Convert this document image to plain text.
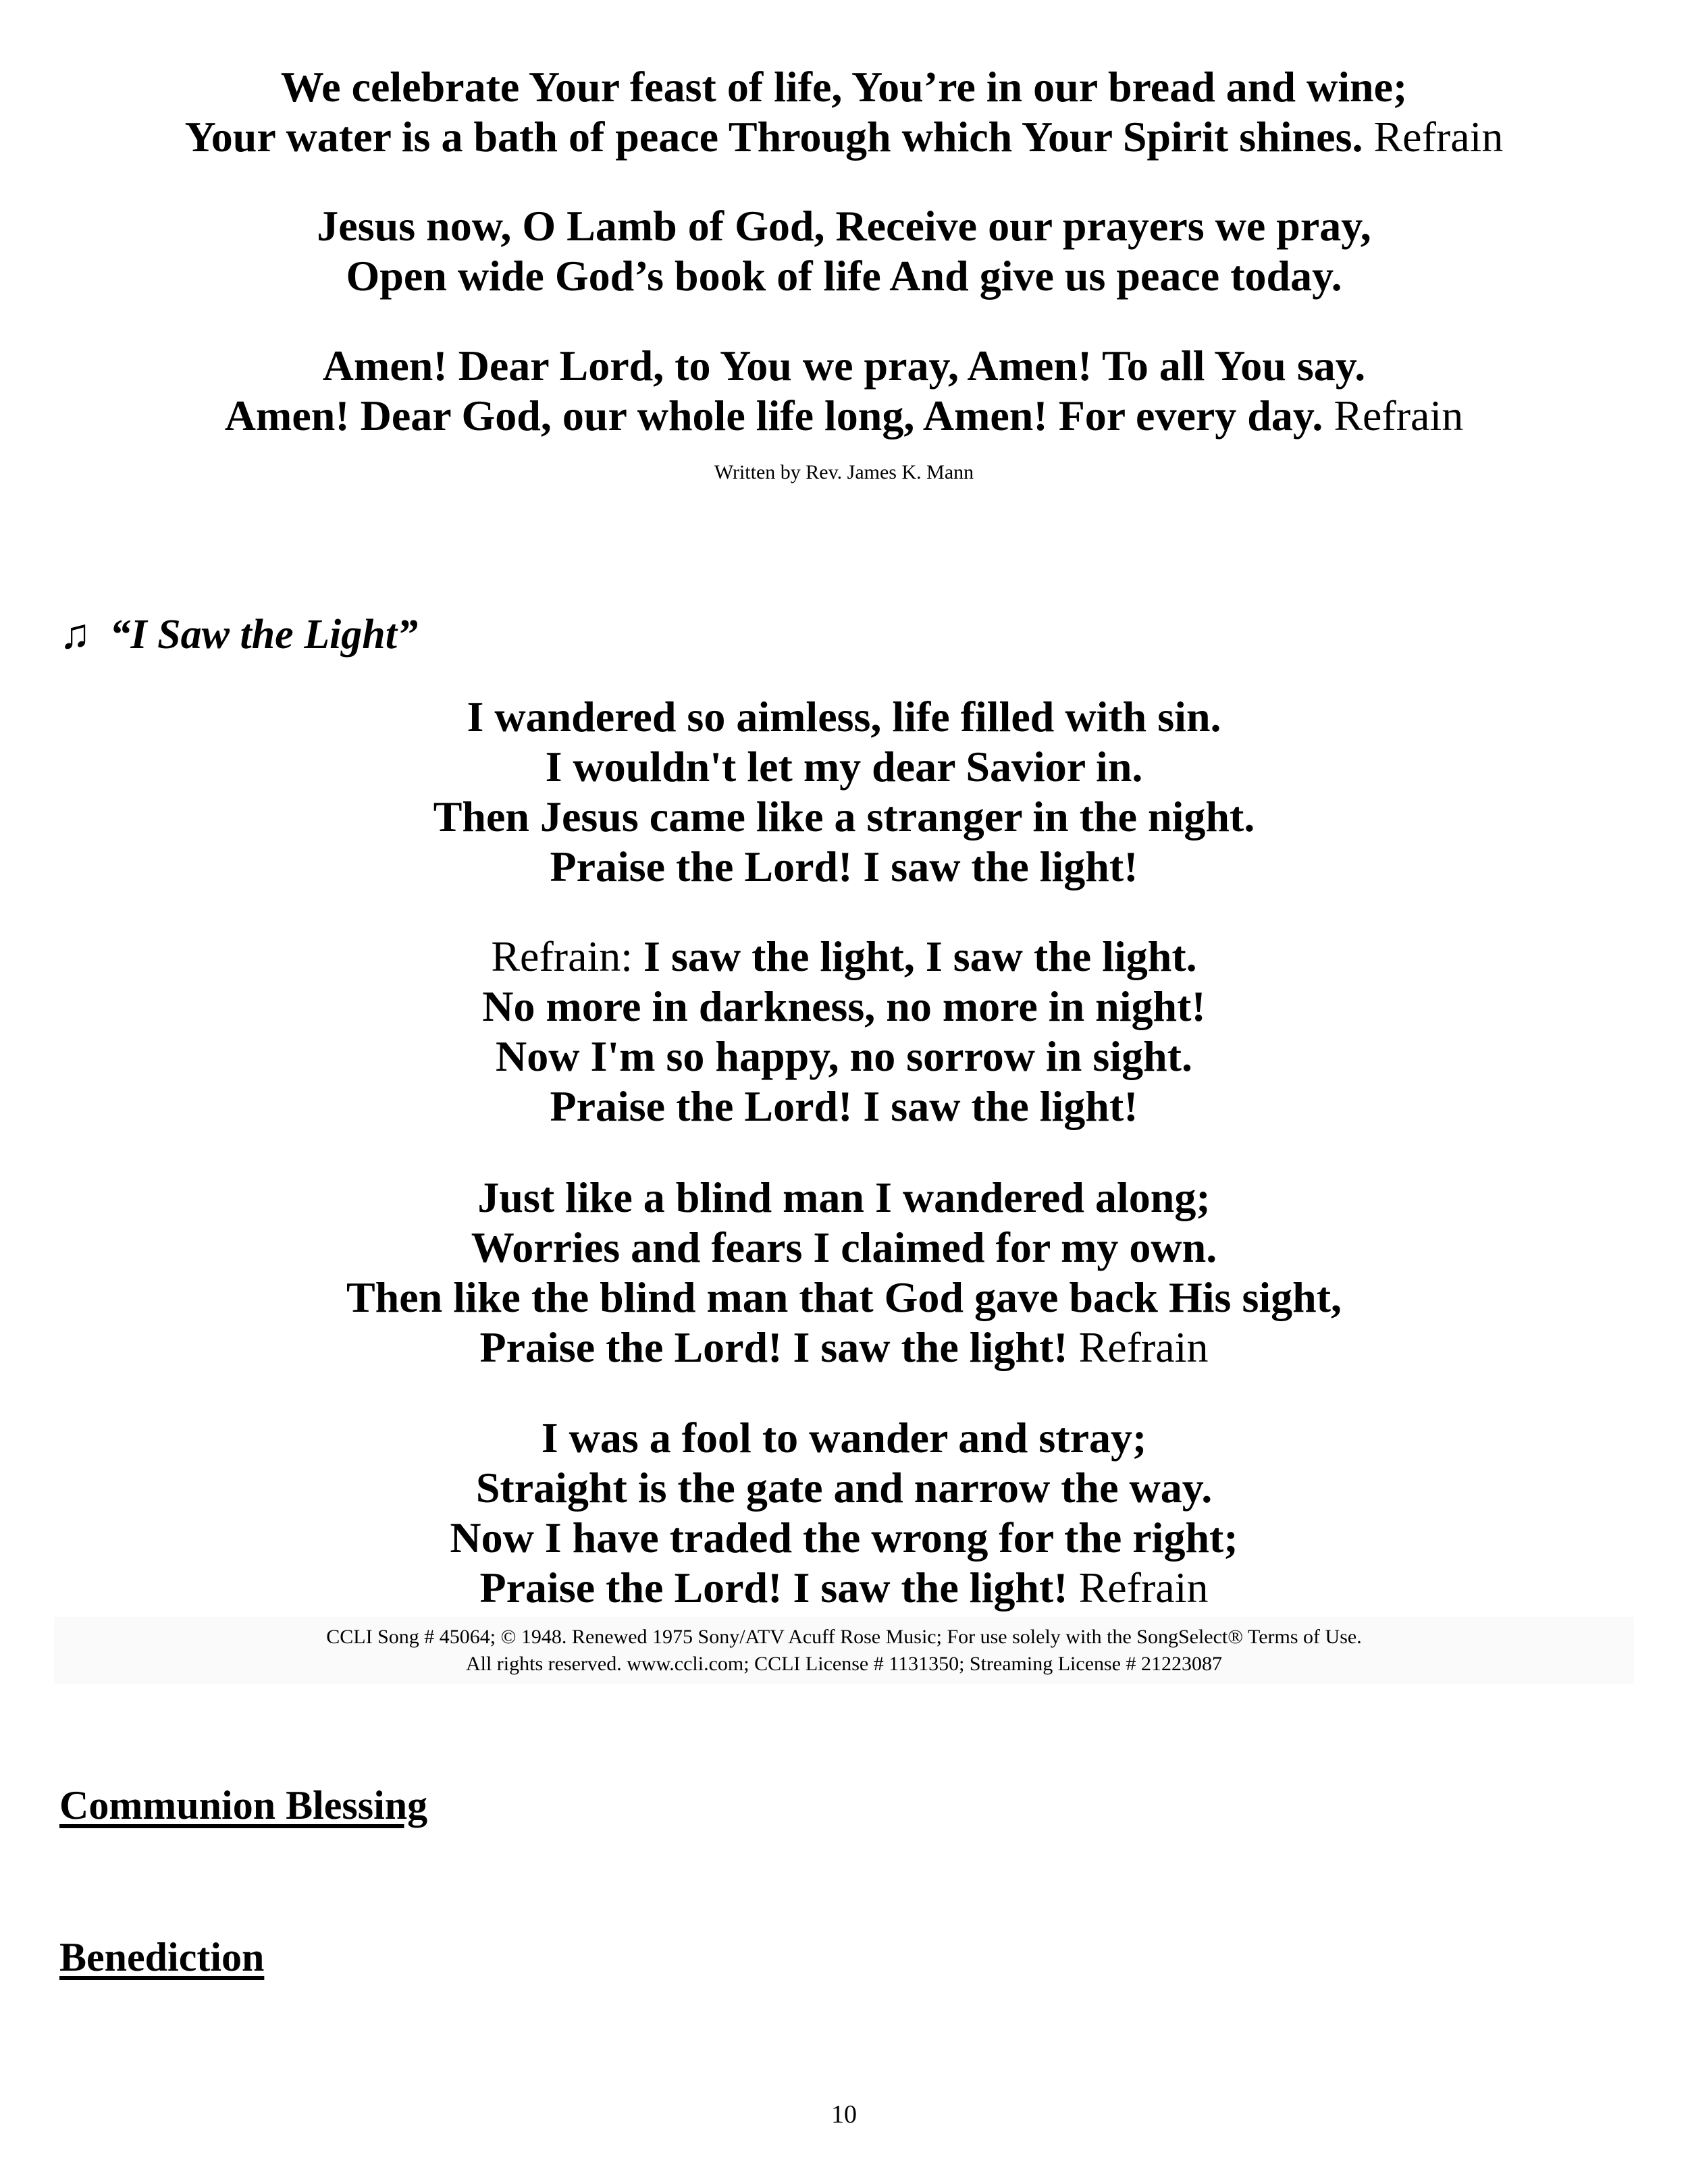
We celebrate Your feast of life, You’re in our bread and wine;
Your water is a bath of peace Through which Your Spirit shines. Refrain
Jesus now, O Lamb of God, Receive our prayers we pray,
Open wide God’s book of life And give us peace today.
Amen! Dear Lord, to You we pray, Amen! To all You say.
Amen! Dear God, our whole life long, Amen! For every day. Refrain
Written by Rev. James K. Mann
♫ “I Saw the Light”
I wandered so aimless, life filled with sin.
I wouldn't let my dear Savior in.
Then Jesus came like a stranger in the night.
Praise the Lord! I saw the light!
Refrain: I saw the light, I saw the light.
No more in darkness, no more in night!
Now I'm so happy, no sorrow in sight.
Praise the Lord! I saw the light!
Just like a blind man I wandered along;
Worries and fears I claimed for my own.
Then like the blind man that God gave back His sight,
Praise the Lord! I saw the light! Refrain
I was a fool to wander and stray;
Straight is the gate and narrow the way.
Now I have traded the wrong for the right;
Praise the Lord! I saw the light! Refrain
CCLI Song # 45064; © 1948. Renewed 1975 Sony/ATV Acuff Rose Music; For use solely with the SongSelect® Terms of Use.
All rights reserved. www.ccli.com; CCLI License # 1131350; Streaming License # 21223087
Communion Blessing
Benediction
10
